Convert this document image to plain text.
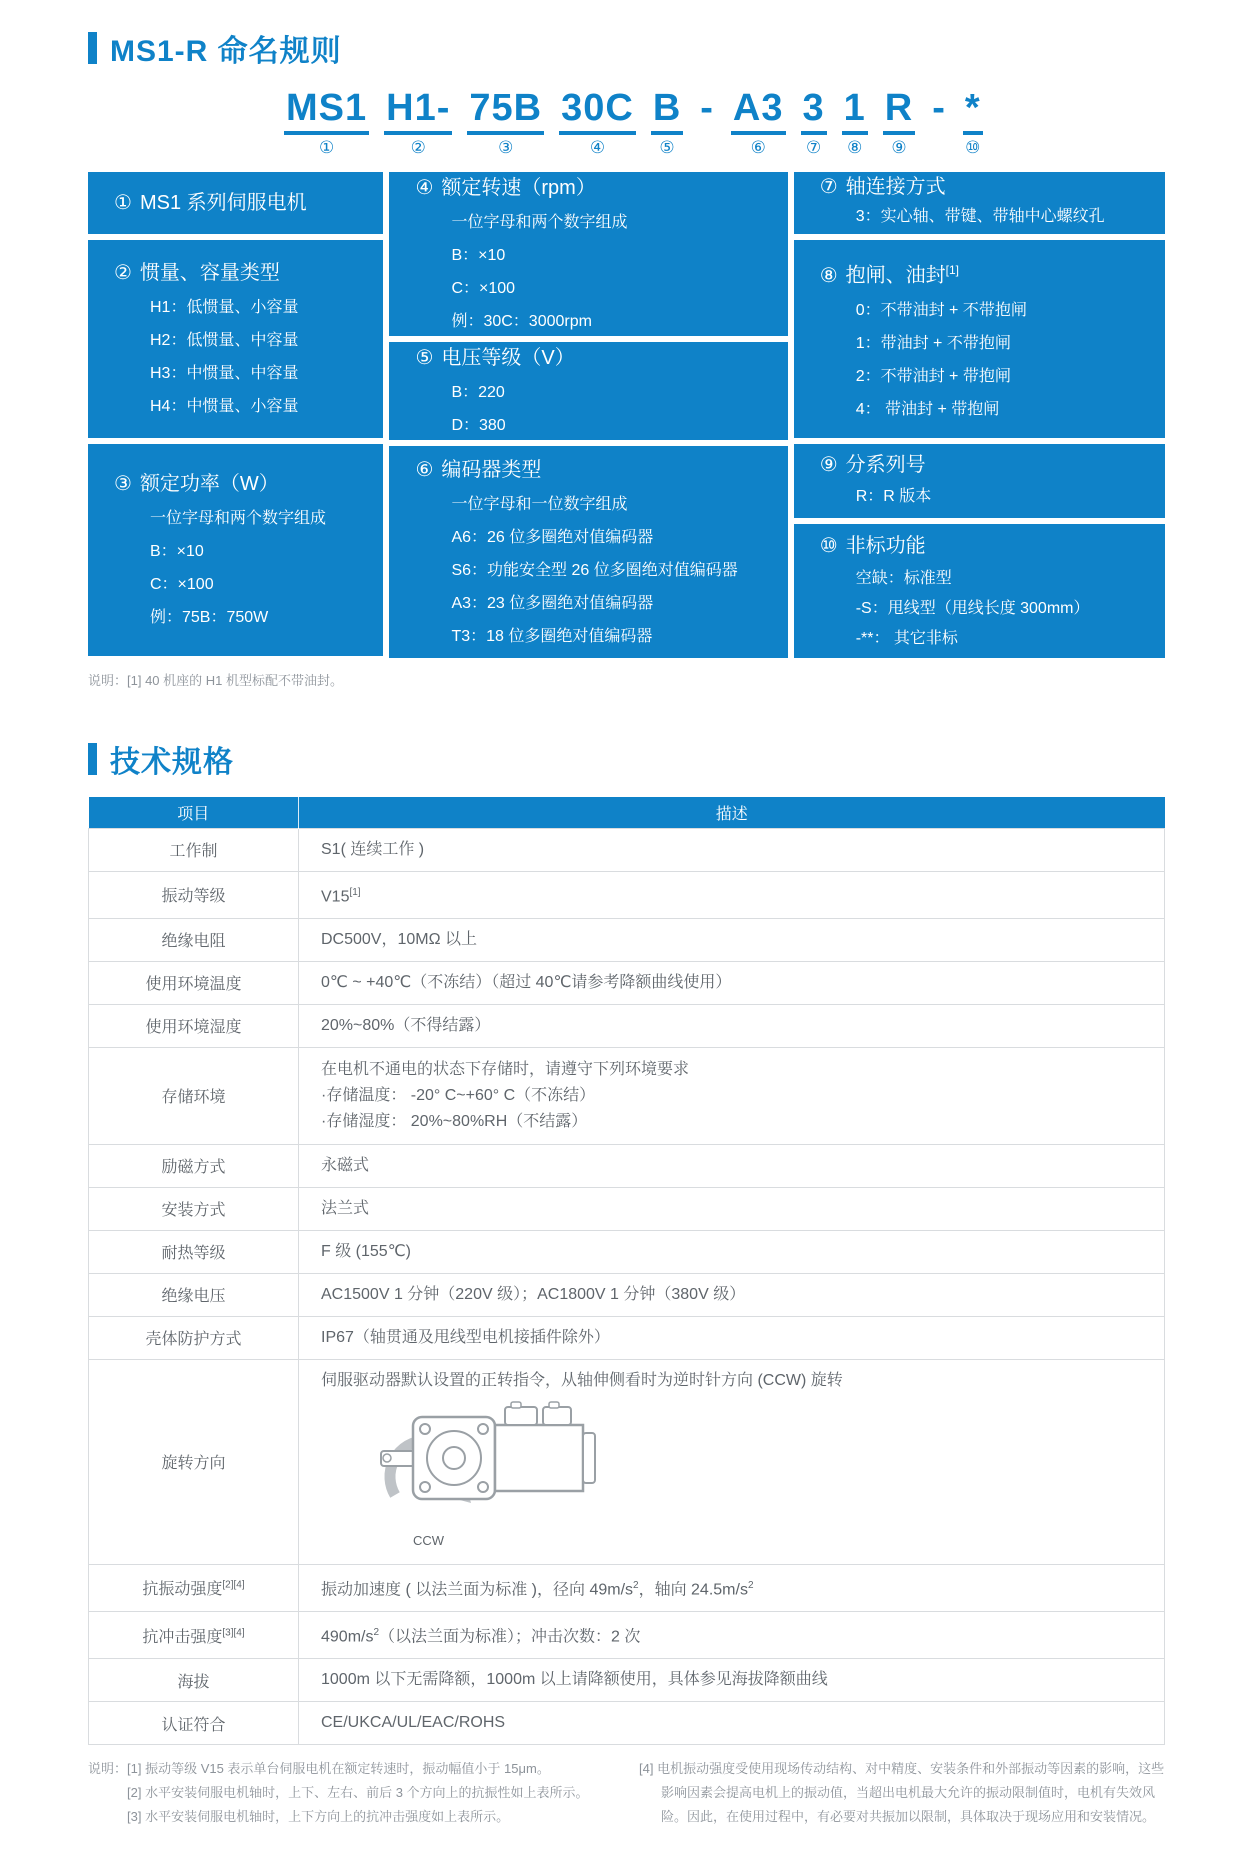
MS1-R 命名规则
MS1
①
H1-
②
75B
③
30C
④
B
⑤
- A3
⑥
3
⑦
1
⑧
R
⑨
- *
⑩
① MS1 系列伺服电机
② 惯量、容量类型
H1：低惯量、小容量
H2：低惯量、中容量
H3：中惯量、中容量
H4：中惯量、小容量
③ 额定功率（W）
一位字母和两个数字组成
B：×10
C：×100
例：75B：750W
④ 额定转速（rpm）
一位字母和两个数字组成
B：×10
C：×100
例：30C：3000rpm
⑤ 电压等级（V）
B：220
D：380
⑥ 编码器类型
一位字母和一位数字组成
A6：26 位多圈绝对值编码器
S6：功能安全型 26 位多圈绝对值编码器
A3：23 位多圈绝对值编码器
T3：18 位多圈绝对值编码器
⑦ 轴连接方式
3：实心轴、带键、带轴中心螺纹孔
⑧ 抱闸、油封[1]
0：不带油封 + 不带抱闸
1：带油封 + 不带抱闸
2：不带油封 + 带抱闸
4： 带油封 + 带抱闸
⑨ 分系列号
R：R 版本
⑩ 非标功能
空缺：标准型
-S：甩线型（甩线长度 300mm）
-**： 其它非标
说明：[1] 40 机座的 H1 机型标配不带油封。
技术规格
项目	描述
工作制	S1( 连续工作 )
振动等级	V15[1]
绝缘电阻	DC500V，10MΩ 以上
使用环境温度	0℃ ~ +40℃（不冻结）（超过 40℃请参考降额曲线使用）
使用环境湿度	20%~80%（不得结露）
存储环境	在电机不通电的状态下存储时，请遵守下列环境要求
·存储温度： -20° C~+60° C（不冻结）
·存储湿度： 20%~80%RH（不结露）

励磁方式	永磁式
安装方式	法兰式
耐热等级	F 级 (155℃)
绝缘电压	AC1500V 1 分钟（220V 级）；AC1800V 1 分钟（380V 级）
壳体防护方式	IP67（轴贯通及甩线型电机接插件除外）
旋转方向	伺服驱动器默认设置的正转指令，从轴伸侧看时为逆时针方向 (CCW) 旋转
CCW

抗振动强度[2][4]	振动加速度 ( 以法兰面为标准 )，径向 $49m/s^2$，轴向 $24.5m/s^2$
抗冲击强度[3][4]	$490m/s^2$（以法兰面为标准）；冲击次数：2 次
海拔	1000m 以下无需降额，1000m 以上请降额使用，具体参见海拔降额曲线
认证符合	CE/UKCA/UL/EAC/ROHS
说明： [1] 振动等级 V15 表示单台伺服电机在额定转速时，振动幅值小于 15μm。
[2] 水平安装伺服电机轴时，上下、左右、前后 3 个方向上的抗振性如上表所示。
[3] 水平安装伺服电机轴时，上下方向上的抗冲击强度如上表所示。
[4] 电机振动强度受使用现场传动结构、对中精度、安装条件和外部振动等因素的影响，这些影响因素会提高电机上的振动值，当超出电机最大允许的振动限制值时，电机有失效风险。因此，在使用过程中，有必要对共振加以限制，具体取决于现场应用和安装情况。
